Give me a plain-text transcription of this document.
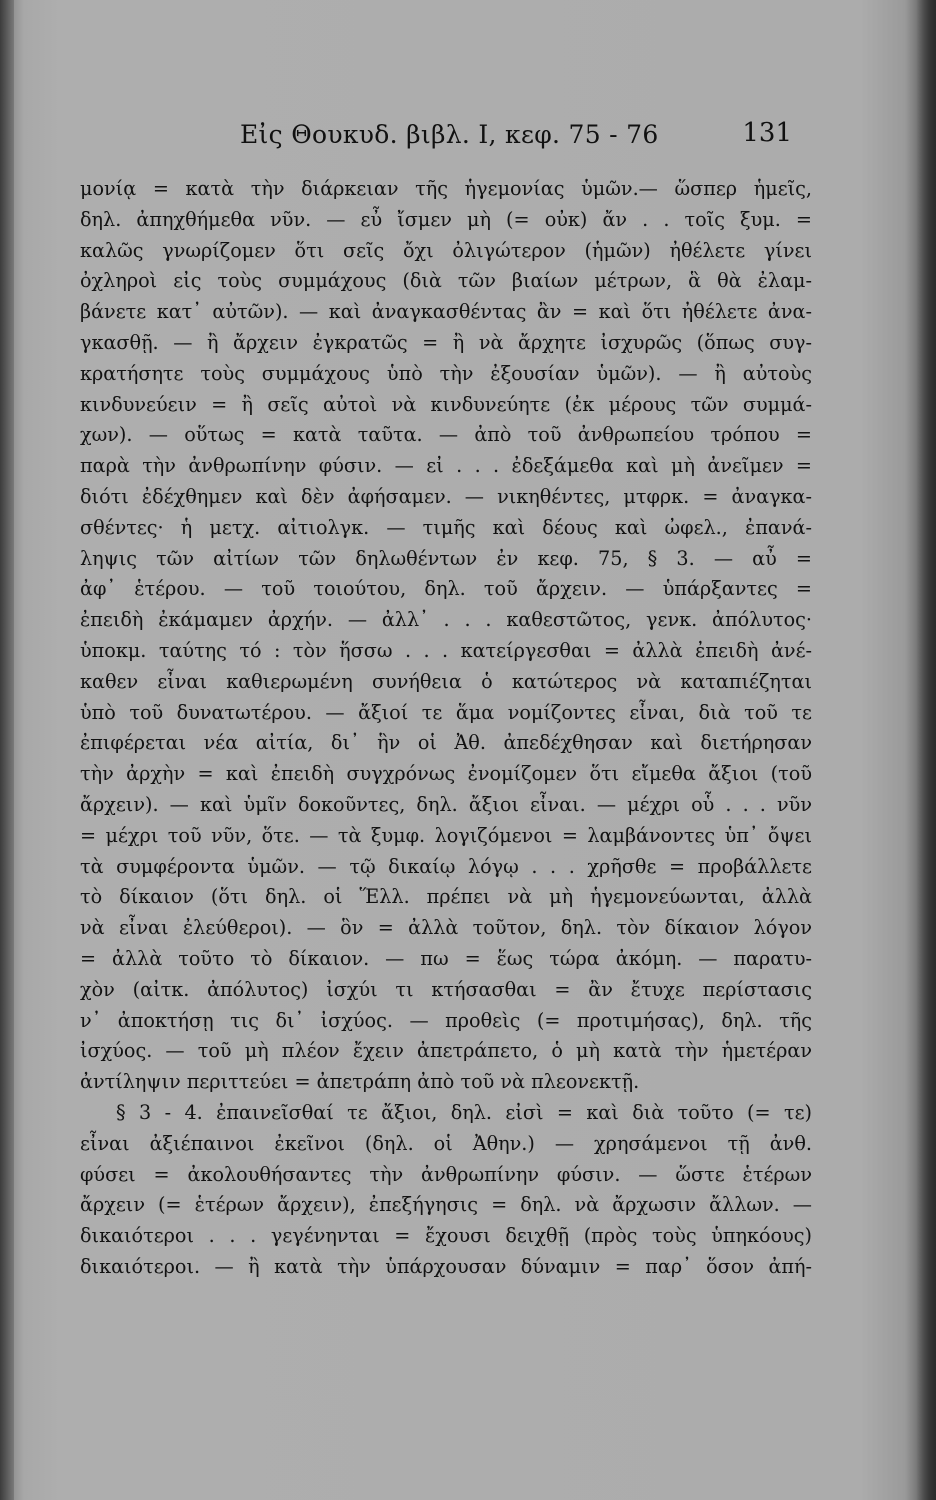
Εἰς Θουκυδ. βιβλ. Ι, κεφ. 75 - 76	131
μονίᾳ = κατὰ τὴν διάρκειαν τῆς ἡγεμονίας ὑμῶν.— ὥσπερ ἡμεῖς,
δηλ. ἀπηχθήμεθα νῦν. — εὖ ἴσμεν μὴ (= οὐκ) ἄν . . τοῖς ξυμ. =
καλῶς γνωρίζομεν ὅτι σεῖς ὄχι ὀλιγώτερον (ἡμῶν) ἠθέλετε γίνει
ὀχληροὶ εἰς τοὺς συμμάχους (διὰ τῶν βιαίων μέτρων, ἃ θὰ ἐλαμ-
βάνετε κατ᾽ αὐτῶν). — καὶ ἀναγκασθέντας ἂν = καὶ ὅτι ἠθέλετε ἀνα-
γκασθῇ. — ἢ ἄρχειν ἐγκρατῶς = ἢ νὰ ἄρχητε ἰσχυρῶς (ὅπως συγ-
κρατήσητε τοὺς συμμάχους ὑπὸ τὴν ἐξουσίαν ὑμῶν). — ἢ αὐτοὺς
κινδυνεύειν = ἢ σεῖς αὐτοὶ νὰ κινδυνεύητε (ἐκ μέρους τῶν συμμά-
χων). — οὕτως = κατὰ ταῦτα. — ἀπὸ τοῦ ἀνθρωπείου τρόπου =
παρὰ τὴν ἀνθρωπίνην φύσιν. — εἰ . . . ἐδεξάμεθα καὶ μὴ ἀνεῖμεν =
διότι ἐδέχθημεν καὶ δὲν ἀφήσαμεν. — νικηθέντες, μτφρκ. = ἀναγκα-
σθέντες· ἡ μετχ. αἰτιολγκ. — τιμῆς καὶ δέους καὶ ὠφελ., ἐπανά-
ληψις τῶν αἰτίων τῶν δηλωθέντων ἐν κεφ. 75, § 3. — αὖ =
ἀφ᾽ ἑτέρου. — τοῦ τοιούτου, δηλ. τοῦ ἄρχειν. — ὑπάρξαντες =
ἐπειδὴ ἐκάμαμεν ἀρχήν. — ἀλλ᾽ . . . καθεστῶτος, γενκ. ἀπόλυτος·
ὑποκμ. ταύτης τό : τὸν ἥσσω . . . κατείργεσθαι = ἀλλὰ ἐπειδὴ ἀνέ-
καθεν εἶναι καθιερωμένη συνήθεια ὁ κατώτερος νὰ καταπιέζηται
ὑπὸ τοῦ δυνατωτέρου. — ἄξιοί τε ἅμα νομίζοντες εἶναι, διὰ τοῦ τε
ἐπιφέρεται νέα αἰτία, δι᾽ ἣν οἱ Ἀθ. ἀπεδέχθησαν καὶ διετήρησαν
τὴν ἀρχὴν = καὶ ἐπειδὴ συγχρόνως ἐνομίζομεν ὅτι εἴμεθα ἄξιοι (τοῦ
ἄρχειν). — καὶ ὑμῖν δοκοῦντες, δηλ. ἄξιοι εἶναι. — μέχρι οὗ . . . νῦν
= μέχρι τοῦ νῦν, ὅτε. — τὰ ξυμφ. λογιζόμενοι = λαμβάνοντες ὑπ᾽ ὄψει
τὰ συμφέροντα ὑμῶν. — τῷ δικαίῳ λόγῳ . . . χρῆσθε = προβάλλετε
τὸ δίκαιον (ὅτι δηλ. οἱ Ἕλλ. πρέπει νὰ μὴ ἡγεμονεύωνται, ἀλλὰ
νὰ εἶναι ἐλεύθεροι). — ὃν = ἀλλὰ τοῦτον, δηλ. τὸν δίκαιον λόγον
= ἀλλὰ τοῦτο τὸ δίκαιον. — πω = ἕως τώρα ἀκόμη. — παρατυ-
χὸν (αἰτκ. ἀπόλυτος) ἰσχύι τι κτήσασθαι = ἂν ἔτυχε περίστασις
ν᾽ ἀποκτήσῃ τις δι᾽ ἰσχύος. — προθεὶς (= προτιμήσας), δηλ. τῆς
ἰσχύος. — τοῦ μὴ πλέον ἔχειν ἀπετράπετο, ὁ μὴ κατὰ τὴν ἡμετέραν
ἀντίληψιν περιττεύει = ἀπετράπη ἀπὸ τοῦ νὰ πλεονεκτῇ.
§ 3 - 4. ἐπαινεῖσθαί τε ἄξιοι, δηλ. εἰσὶ = καὶ διὰ τοῦτο (= τε)
εἶναι ἀξιέπαινοι ἐκεῖνοι (δηλ. οἱ Ἀθην.) — χρησάμενοι τῇ ἀνθ.
φύσει = ἀκολουθήσαντες τὴν ἀνθρωπίνην φύσιν. — ὥστε ἑτέρων
ἄρχειν (= ἑτέρων ἄρχειν), ἐπεξήγησις = δηλ. νὰ ἄρχωσιν ἄλλων. —
δικαιότεροι . . . γεγένηνται = ἔχουσι δειχθῇ (πρὸς τοὺς ὑπηκόους)
δικαιότεροι. — ἢ κατὰ τὴν ὑπάρχουσαν δύναμιν = παρ᾽ ὅσον ἀπή-
